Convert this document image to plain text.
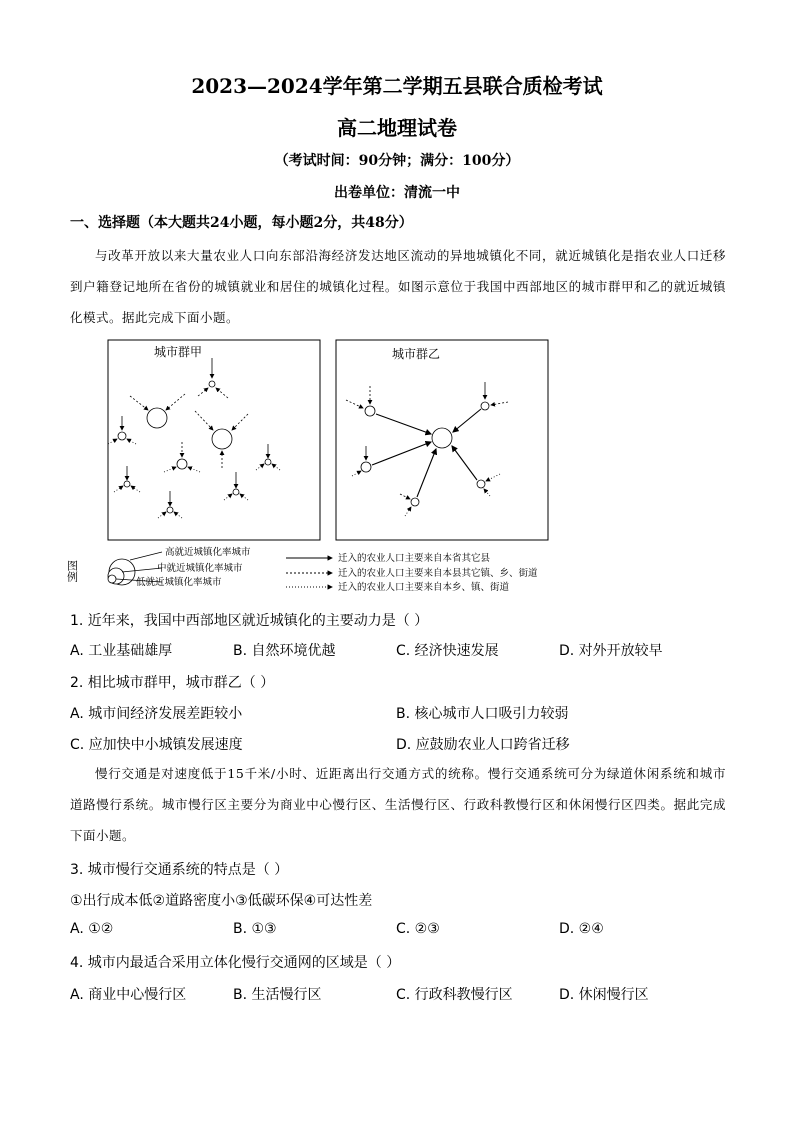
2023—2024学年第二学期五县联合质检考试
高二地理试卷
（考试时间：90分钟；满分：100分）
出卷单位：清流一中
一、选择题（本大题共24小题，每小题2分，共48分）
与改革开放以来大量农业人口向东部沿海经济发达地区流动的异地城镇化不同，就近城镇化是指农业人口迁移到户籍登记地所在省份的城镇就业和居住的城镇化过程。如图示意位于我国中西部地区的城市群甲和乙的就近城镇化模式。据此完成下面小题。
城市群甲	城市群乙
图例
高就近城镇化率城市
中就近城镇化率城市
低就近城镇化率城市
迁入的农业人口主要来自本省其它县
迁入的农业人口主要来自本县其它镇、乡、街道
迁入的农业人口主要来自本乡、镇、街道
1. 近年来，我国中西部地区就近城镇化的主要动力是（ ）
A. 工业基础雄厚	B. 自然环境优越	C. 经济快速发展	D. 对外开放较早
2. 相比城市群甲，城市群乙（ ）
A. 城市间经济发展差距较小	B. 核心城市人口吸引力较弱
C. 应加快中小城镇发展速度	D. 应鼓励农业人口跨省迁移
慢行交通是对速度低于15千米/小时、近距离出行交通方式的统称。慢行交通系统可分为绿道休闲系统和城市道路慢行系统。城市慢行区主要分为商业中心慢行区、生活慢行区、行政科教慢行区和休闲慢行区四类。据此完成下面小题。
3. 城市慢行交通系统的特点是（ ）
①出行成本低②道路密度小③低碳环保④可达性差
A. ①②	B. ①③	C. ②③	D. ②④
4. 城市内最适合采用立体化慢行交通网的区域是（ ）
A. 商业中心慢行区	B. 生活慢行区	C. 行政科教慢行区	D. 休闲慢行区
